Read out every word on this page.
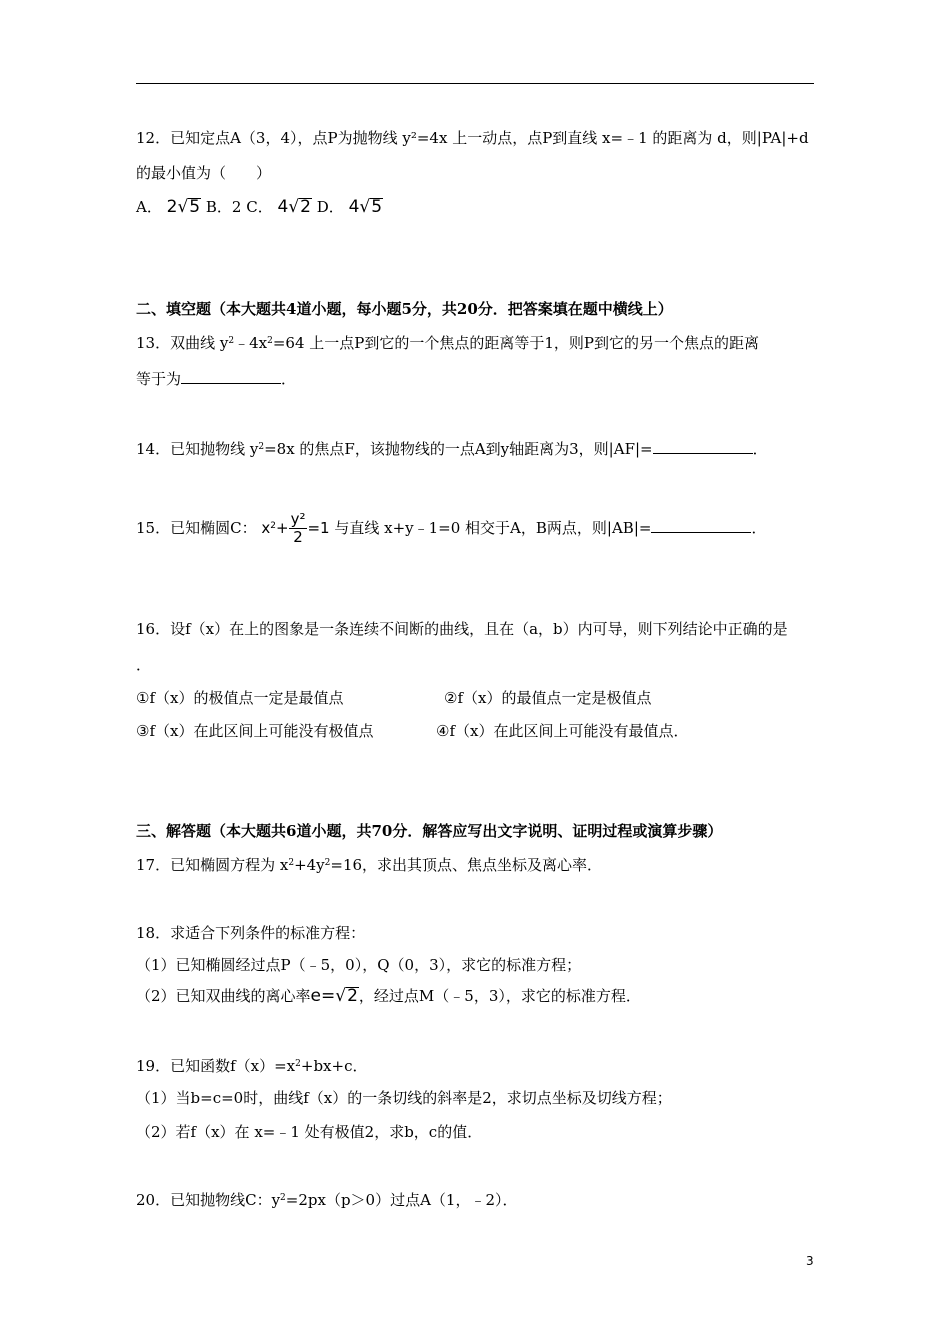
12．已知定点A（3，4），点P为抛物线 y²=4x 上一动点，点P到直线 x=﹣1 的距离为 d，则|PA|+d
的最小值为（　　）
A． 2√5 B．2 C． 4√2 D． 4√5
二、填空题（本大题共4道小题，每小题5分，共20分．把答案填在题中横线上）
13．双曲线 $y^2﹣4x^2=64$ 上一点P到它的一个焦点的距离等于1，则P到它的另一个焦点的距离
等于为	．
14．已知抛物线 $y^2=8x$ 的焦点F，该抛物线的一点A到y轴距离为3，则|AF|=	．
15．已知椭圆C： $x^2+ \frac{\text{y²}}{2} =1$ 与直线 x+y﹣1=0 相交于A，B两点，则|AB|=	．
16．设f（x）在上的图象是一条连续不间断的曲线，且在（a，b）内可导，则下列结论中正确的是
．
①f（x）的极值点一定是最值点	②f（x）的最值点一定是极值点
③f（x）在此区间上可能没有极值点	④f（x）在此区间上可能没有最值点．
三、解答题（本大题共6道小题，共70分．解答应写出文字说明、证明过程或演算步骤）
17．已知椭圆方程为 $x^2+4y^2=16$，求出其顶点、焦点坐标及离心率．
18．求适合下列条件的标准方程：
（1）已知椭圆经过点P（﹣5，0），Q（0，3），求它的标准方程；
（2）已知双曲线的离心率e=√2，经过点M（﹣5，3），求它的标准方程．
19．已知函数$f(x)=x^2+bx+c$．
（1）当b=c=0时，曲线f（x）的一条切线的斜率是2，求切点坐标及切线方程；
（2）若f（x）在 x=﹣1 处有极值2，求b，c的值．
20．已知抛物线C：$y^2=2px(p>0)$过点A（1，﹣2）．
3
